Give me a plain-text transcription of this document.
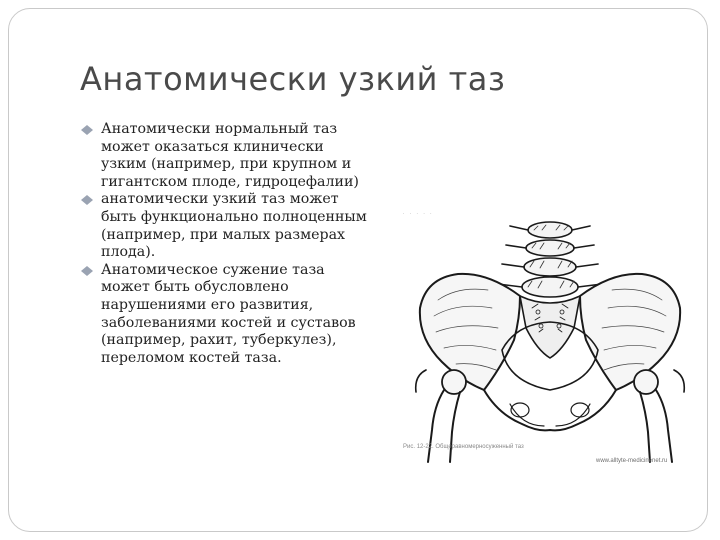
Анатомически узкий таз
Анатомически нормальный таз может оказаться клинически узким (например, при крупном и гигантском плоде, гидроцефалии)
анатомически узкий таз может быть функционально полноценным (например, при малых размерах плода).
Анатомическое сужение таза может быть обусловлено нарушениями его развития, заболеваниями костей и суставов (например, рахит, туберкулез), переломом костей таза.
. . . . .
Рис. 12-22. Общеравномерносуженный таз
www.alltyte-medicinenet.ru
